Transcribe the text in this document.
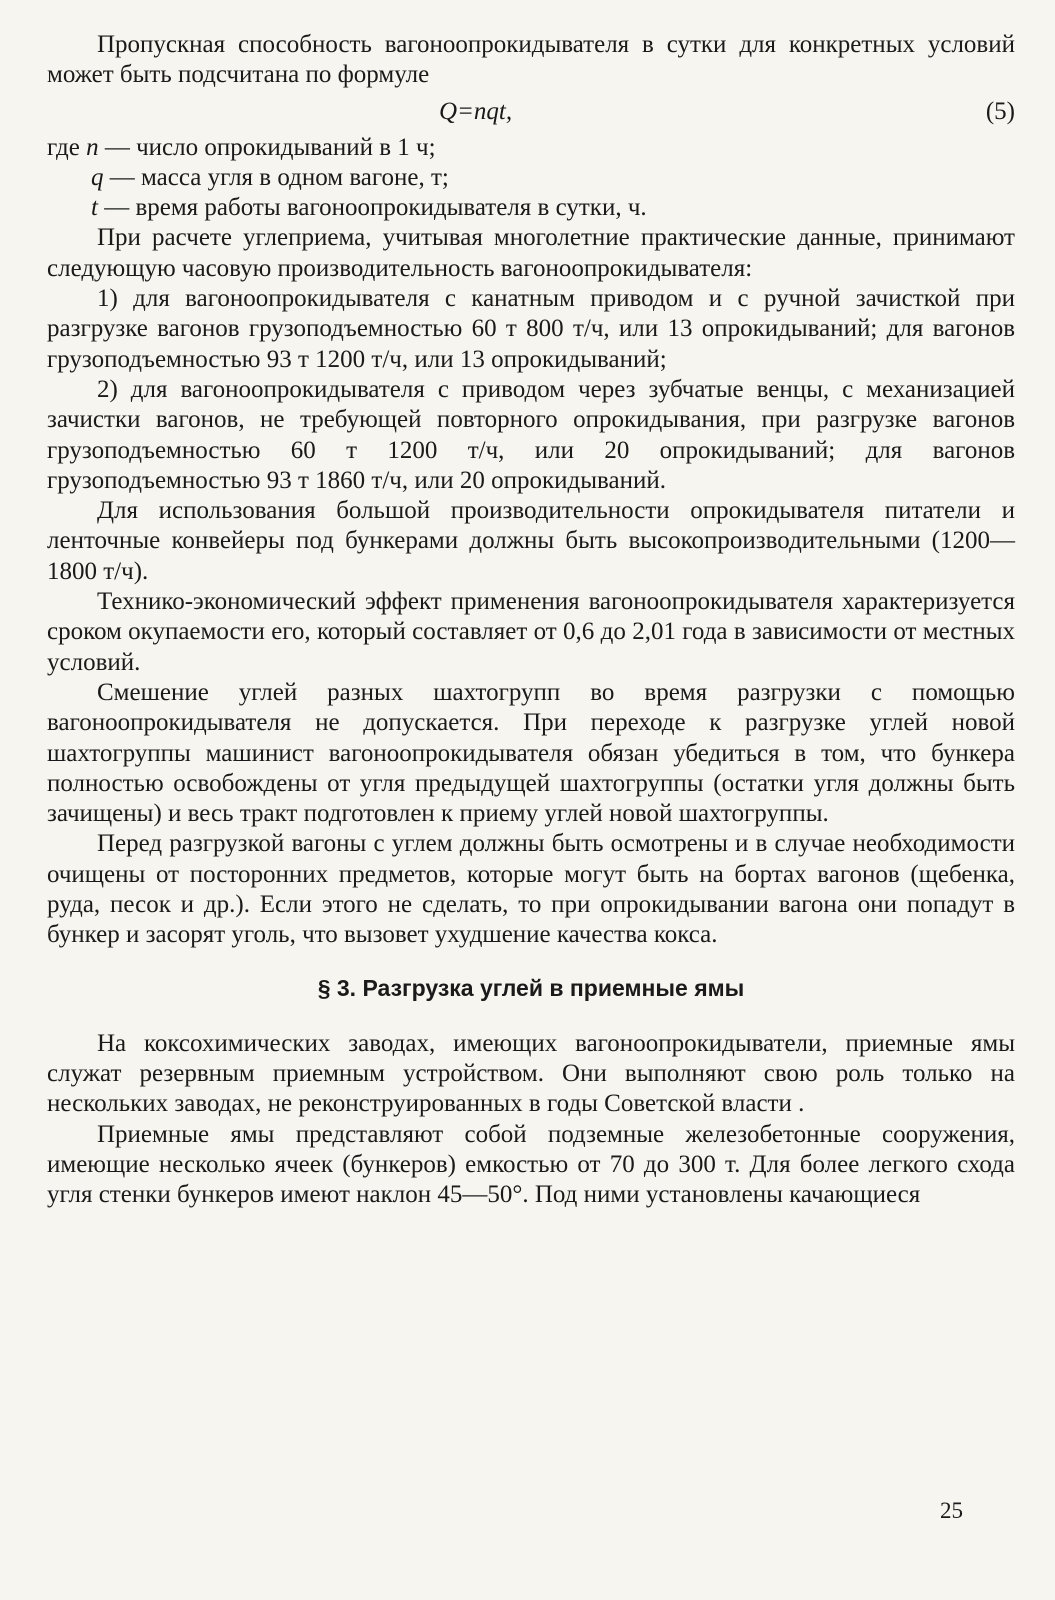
Пропускная способность вагоноопрокидывателя в сутки для конкретных условий может быть подсчитана по формуле

Q=nqt,	(5)

где n — число опрокидываний в 1 ч;

q — масса угля в одном вагоне, т;

t — время работы вагоноопрокидывателя в сутки, ч.

При расчете углеприема, учитывая многолетние практические данные, принимают следующую часовую производительность вагоноопрокидывателя:

1) для вагоноопрокидывателя с канатным приводом и с ручной зачисткой при разгрузке вагонов грузоподъемностью 60 т 800 т/ч, или 13 опрокидываний; для вагонов грузоподъемностью 93 т 1200 т/ч, или 13 опрокидываний;

2) для вагоноопрокидывателя с приводом через зубчатые венцы, с механизацией зачистки вагонов, не требующей повторного опрокидывания, при разгрузке вагонов грузоподъемностью 60 т 1200 т/ч, или 20 опрокидываний; для вагонов грузоподъемностью 93 т 1860 т/ч, или 20 опрокидываний.

Для использования большой производительности опрокидывателя питатели и ленточные конвейеры под бункерами должны быть высокопроизводительными (1200—1800 т/ч).

Технико-экономический эффект применения вагоноопрокидывателя характеризуется сроком окупаемости его, который составляет от 0,6 до 2,01 года в зависимости от местных условий.

Смешение углей разных шахтогрупп во время разгрузки с помощью вагоноопрокидывателя не допускается. При переходе к разгрузке углей новой шахтогруппы машинист вагоноопрокидывателя обязан убедиться в том, что бункера полностью освобождены от угля предыдущей шахтогруппы (остатки угля должны быть зачищены) и весь тракт подготовлен к приему углей новой шахтогруппы.

Перед разгрузкой вагоны с углем должны быть осмотрены и в случае необходимости очищены от посторонних предметов, которые могут быть на бортах вагонов (щебенка, руда, песок и др.). Если этого не сделать, то при опрокидывании вагона они попадут в бункер и засорят уголь, что вызовет ухудшение качества кокса.

§ 3. Разгрузка углей в приемные ямы

На коксохимических заводах, имеющих вагоноопрокидыватели, приемные ямы служат резервным приемным устройством. Они выполняют свою роль только на нескольких заводах, не реконструированных в годы Советской власти .

Приемные ямы представляют собой подземные железобетонные сооружения, имеющие несколько ячеек (бункеров) емкостью от 70 до 300 т. Для более легкого схода угля стенки бункеров имеют наклон 45—50°. Под ними установлены качающиеся

25
